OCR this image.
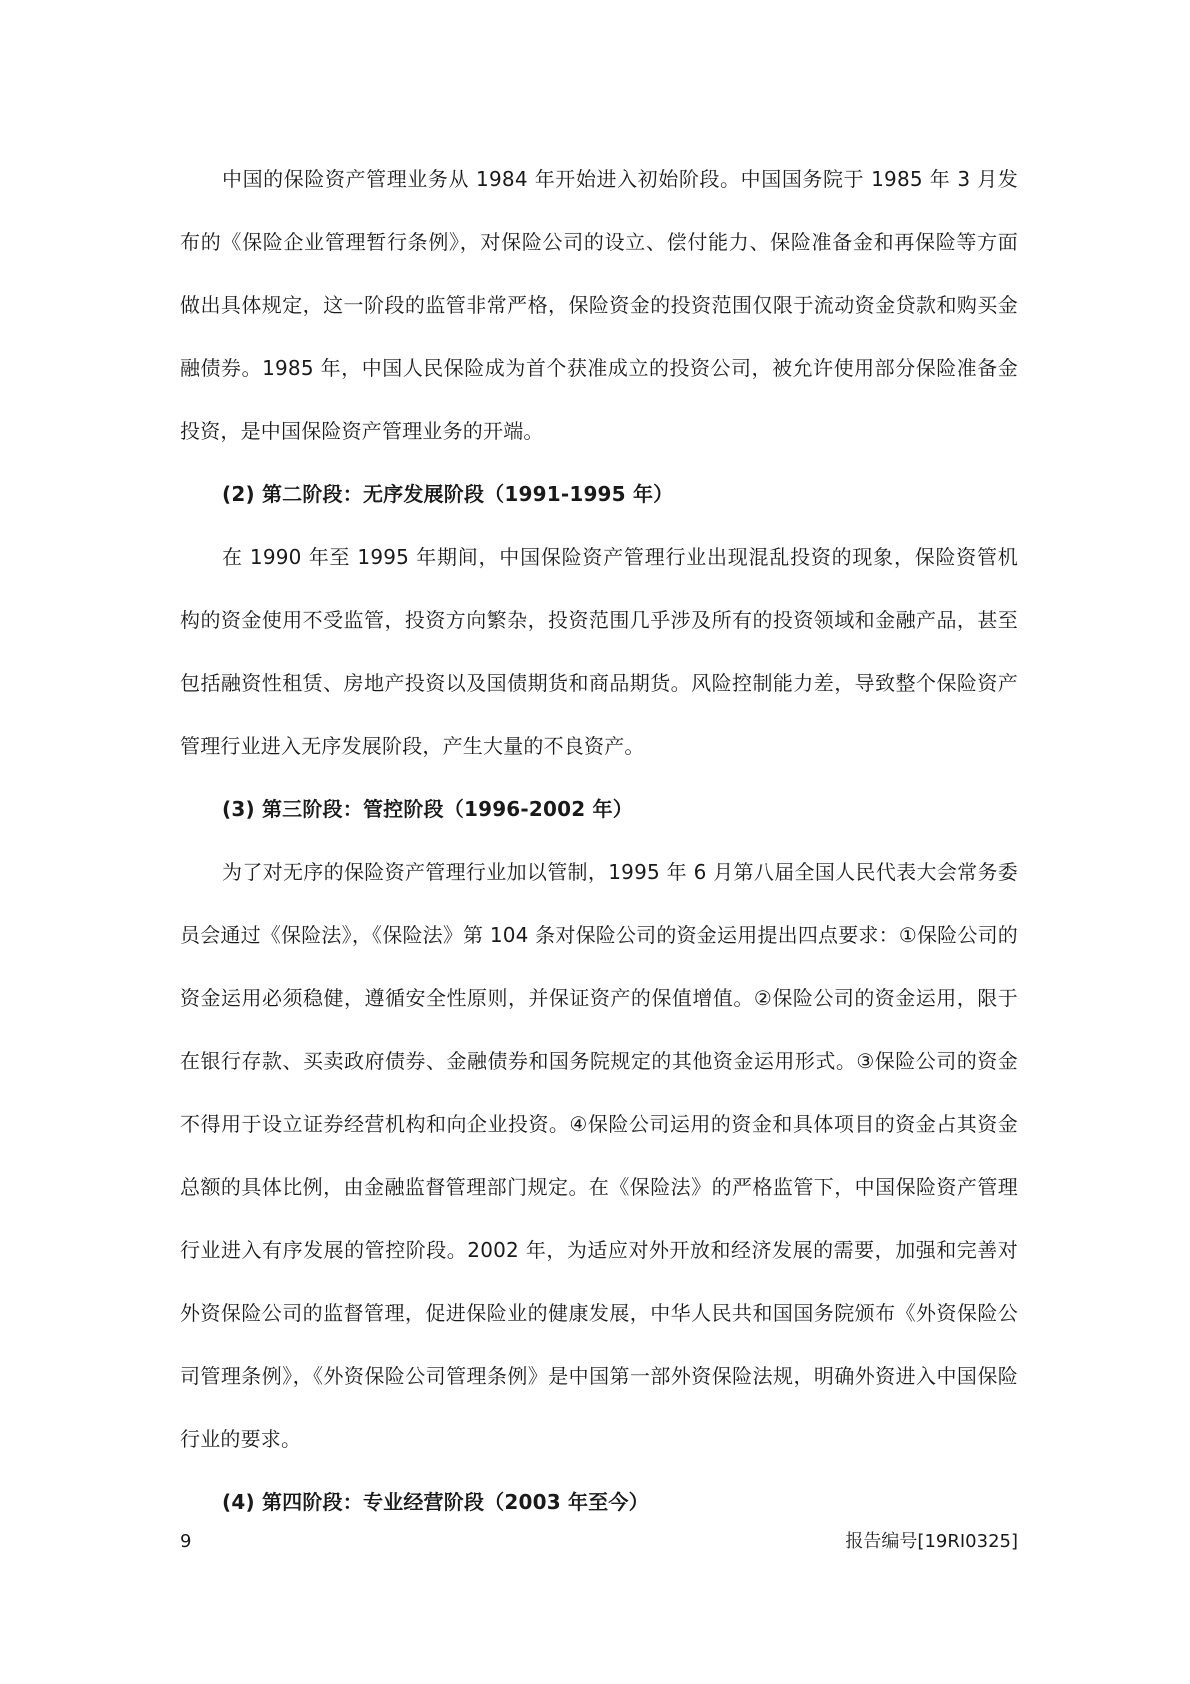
中国的保险资产管理业务从 1984 年开始进入初始阶段。中国国务院于 1985 年 3 月发布的《保险企业管理暂行条例》，对保险公司的设立、偿付能力、保险准备金和再保险等方面做出具体规定，这一阶段的监管非常严格，保险资金的投资范围仅限于流动资金贷款和购买金融债券。1985 年，中国人民保险成为首个获准成立的投资公司，被允许使用部分保险准备金投资，是中国保险资产管理业务的开端。

(2) 第二阶段：无序发展阶段（1991-1995 年）

在 1990 年至 1995 年期间，中国保险资产管理行业出现混乱投资的现象，保险资管机构的资金使用不受监管，投资方向繁杂，投资范围几乎涉及所有的投资领域和金融产品，甚至包括融资性租赁、房地产投资以及国债期货和商品期货。风险控制能力差，导致整个保险资产管理行业进入无序发展阶段，产生大量的不良资产。

(3) 第三阶段：管控阶段（1996-2002 年）

为了对无序的保险资产管理行业加以管制，1995 年 6 月第八届全国人民代表大会常务委员会通过《保险法》，《保险法》第 104 条对保险公司的资金运用提出四点要求：①保险公司的资金运用必须稳健，遵循安全性原则，并保证资产的保值增值。②保险公司的资金运用，限于在银行存款、买卖政府债券、金融债券和国务院规定的其他资金运用形式。③保险公司的资金不得用于设立证券经营机构和向企业投资。④保险公司运用的资金和具体项目的资金占其资金总额的具体比例，由金融监督管理部门规定。在《保险法》的严格监管下，中国保险资产管理行业进入有序发展的管控阶段。2002 年，为适应对外开放和经济发展的需要，加强和完善对外资保险公司的监督管理，促进保险业的健康发展，中华人民共和国国务院颁布《外资保险公司管理条例》，《外资保险公司管理条例》是中国第一部外资保险法规，明确外资进入中国保险行业的要求。

(4) 第四阶段：专业经营阶段（2003 年至今）

9	报告编号[19RI0325]
